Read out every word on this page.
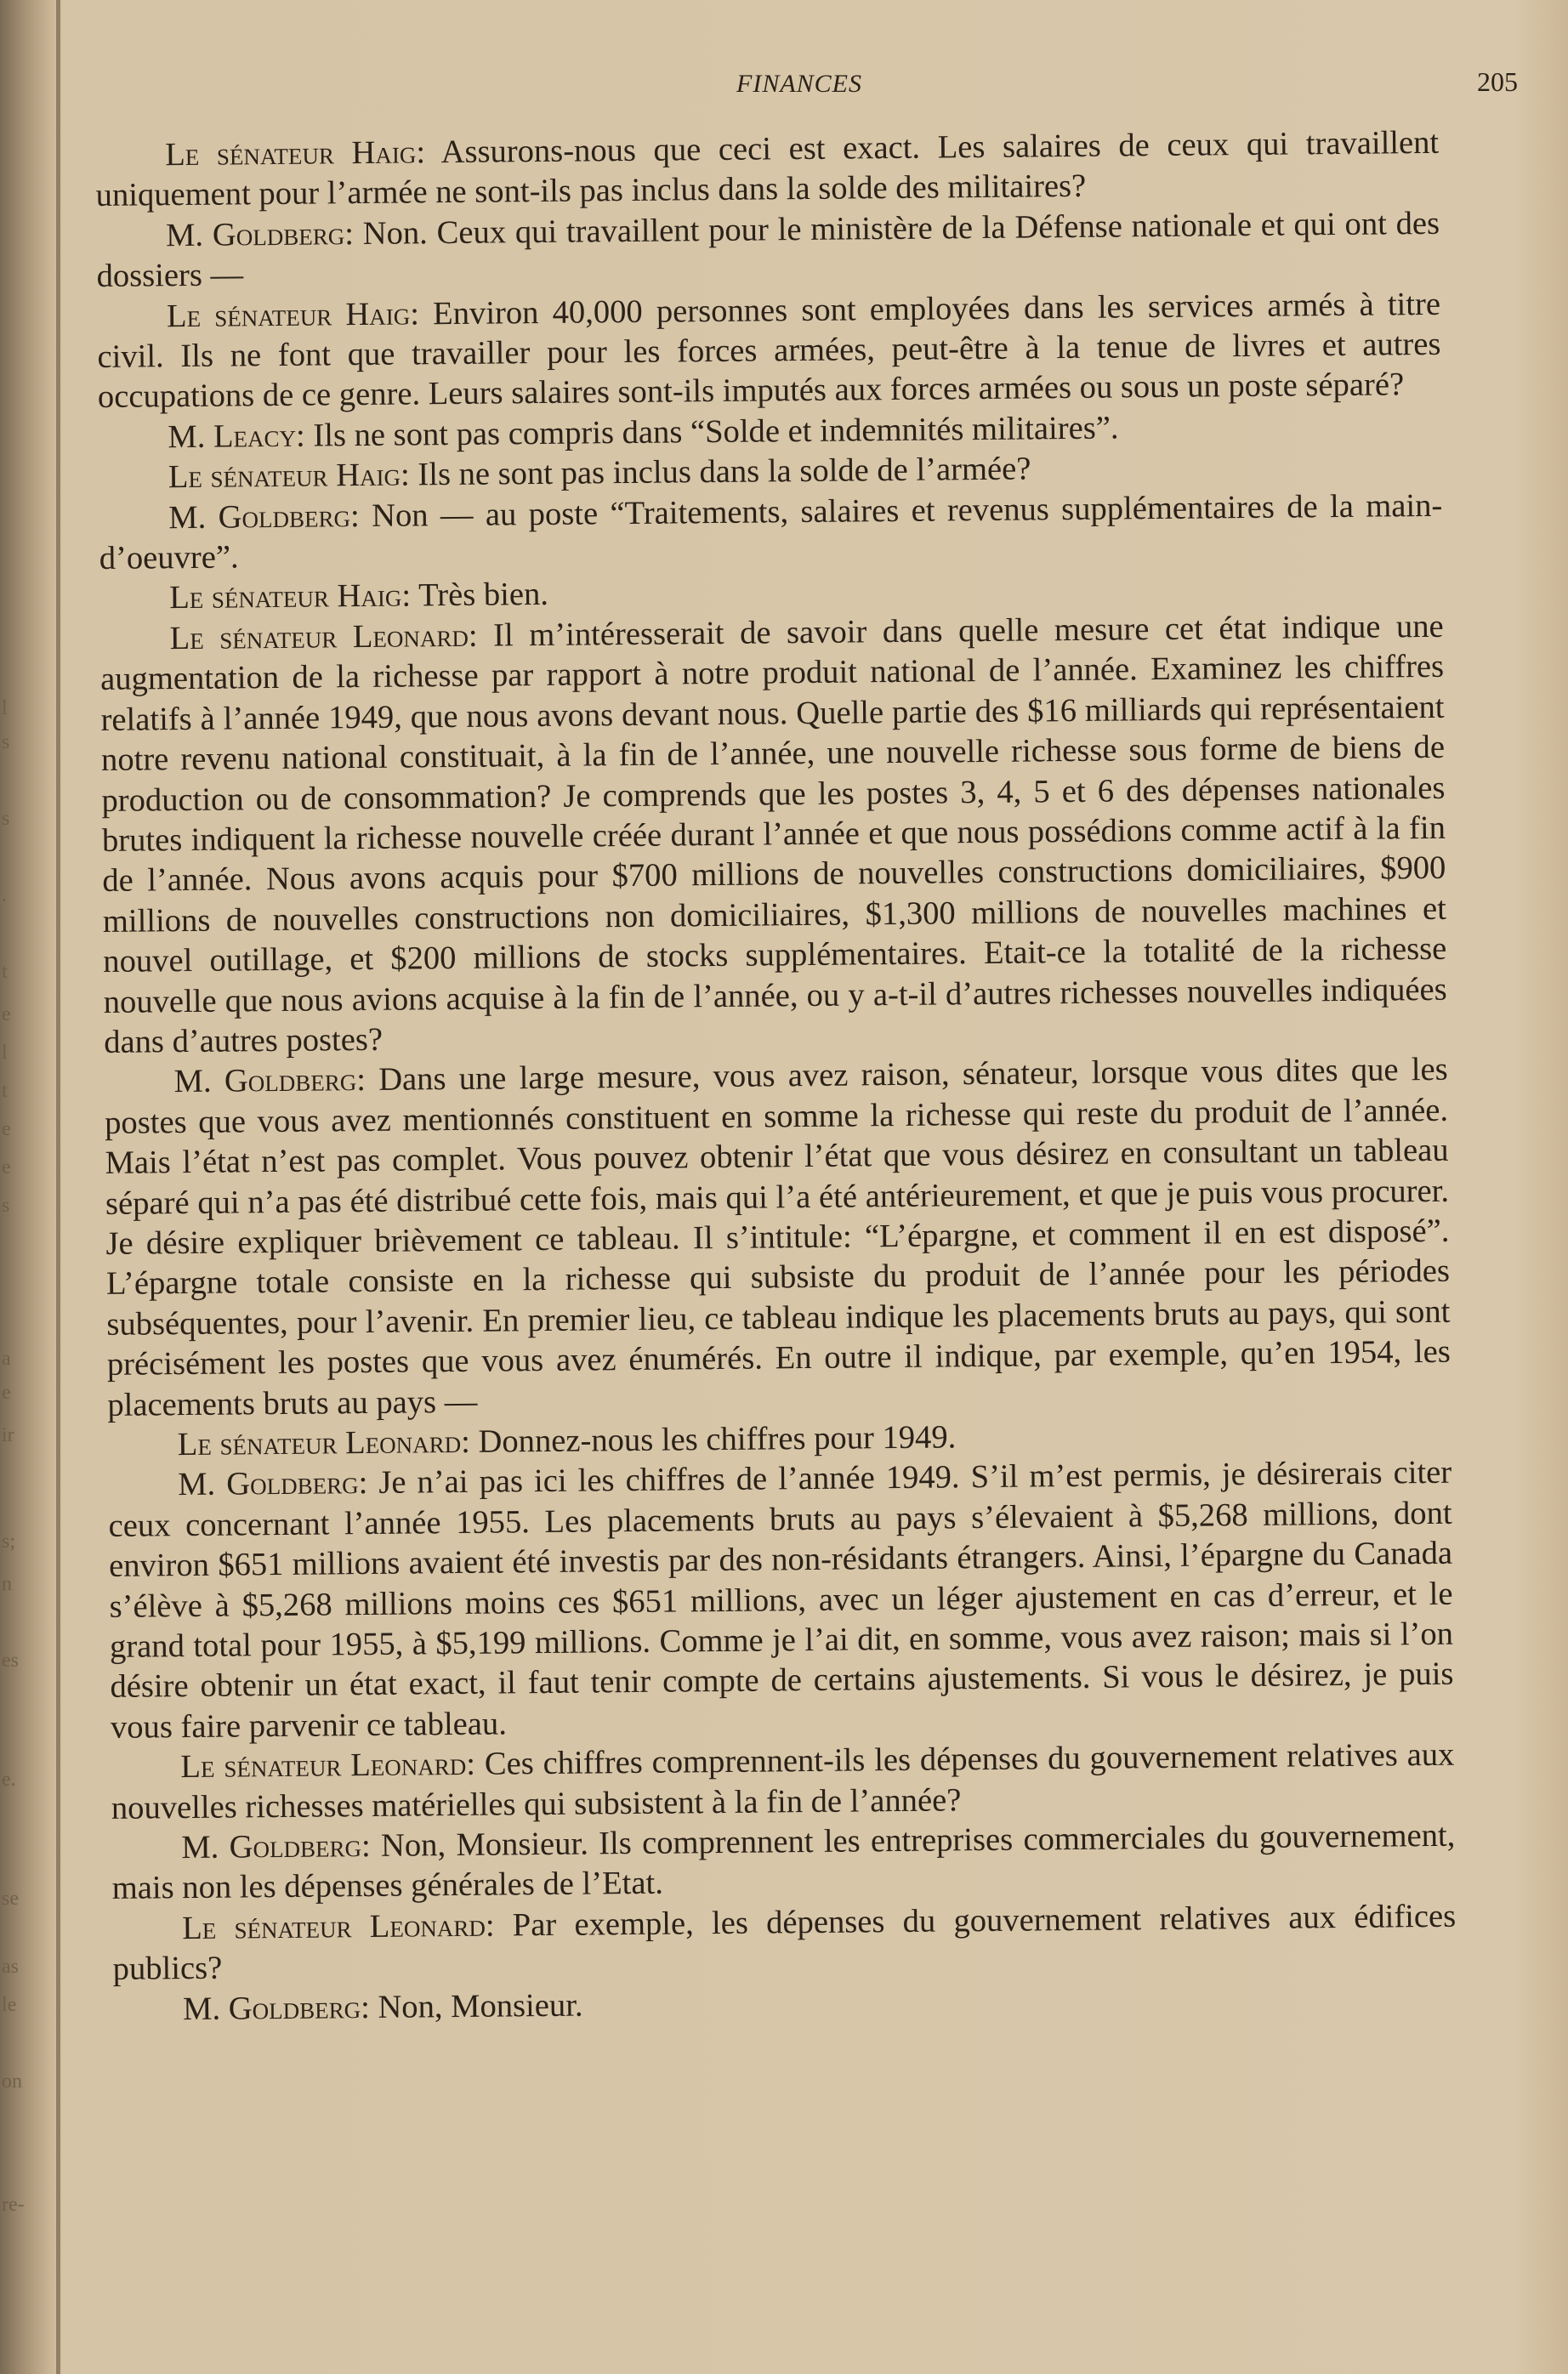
l
s
s
.
t
e
l
t
e
e
s
a
e
ir
s;
n
es
e.
se
as
le
on
re-
FINANCES	205

Le sénateur Haig: Assurons-nous que ceci est exact. Les salaires de ceux qui travaillent uniquement pour l’armée ne sont-ils pas inclus dans la solde des militaires?

M. Goldberg: Non. Ceux qui travaillent pour le ministère de la Défense nationale et qui ont des dossiers —

Le sénateur Haig: Environ 40,000 personnes sont employées dans les services armés à titre civil. Ils ne font que travailler pour les forces armées, peut-être à la tenue de livres et autres occupations de ce genre. Leurs salaires sont-ils imputés aux forces armées ou sous un poste séparé?

M. Leacy: Ils ne sont pas compris dans “Solde et indemnités militaires”.

Le sénateur Haig: Ils ne sont pas inclus dans la solde de l’armée?

M. Goldberg: Non — au poste “Traitements, salaires et revenus supplémentaires de la main-d’oeuvre”.

Le sénateur Haig: Très bien.

Le sénateur Leonard: Il m’intéresserait de savoir dans quelle mesure cet état indique une augmentation de la richesse par rapport à notre produit national de l’année. Examinez les chiffres relatifs à l’année 1949, que nous avons devant nous. Quelle partie des $16 milliards qui représentaient notre revenu national constituait, à la fin de l’année, une nouvelle richesse sous forme de biens de production ou de consommation? Je comprends que les postes 3, 4, 5 et 6 des dépenses nationales brutes indiquent la richesse nouvelle créée durant l’année et que nous possédions comme actif à la fin de l’année. Nous avons acquis pour $700 millions de nouvelles constructions domiciliaires, $900 millions de nouvelles constructions non domiciliaires, $1,300 millions de nouvelles machines et nouvel outillage, et $200 millions de stocks supplémentaires. Etait-ce la totalité de la richesse nouvelle que nous avions acquise à la fin de l’année, ou y a-t-il d’autres richesses nouvelles indiquées dans d’autres postes?

M. Goldberg: Dans une large mesure, vous avez raison, sénateur, lorsque vous dites que les postes que vous avez mentionnés constituent en somme la richesse qui reste du produit de l’année. Mais l’état n’est pas complet. Vous pouvez obtenir l’état que vous désirez en consultant un tableau séparé qui n’a pas été distribué cette fois, mais qui l’a été antérieurement, et que je puis vous procurer. Je désire expliquer brièvement ce tableau. Il s’intitule: “L’épargne, et comment il en est disposé”. L’épargne totale consiste en la richesse qui subsiste du produit de l’année pour les périodes subséquentes, pour l’avenir. En premier lieu, ce tableau indique les placements bruts au pays, qui sont précisément les postes que vous avez énumérés. En outre il indique, par exemple, qu’en 1954, les placements bruts au pays —

Le sénateur Leonard: Donnez-nous les chiffres pour 1949.

M. Goldberg: Je n’ai pas ici les chiffres de l’année 1949. S’il m’est permis, je désirerais citer ceux concernant l’année 1955. Les placements bruts au pays s’élevaient à $5,268 millions, dont environ $651 millions avaient été investis par des non-résidants étrangers. Ainsi, l’épargne du Canada s’élève à $5,268 millions moins ces $651 millions, avec un léger ajustement en cas d’erreur, et le grand total pour 1955, à $5,199 millions. Comme je l’ai dit, en somme, vous avez raison; mais si l’on désire obtenir un état exact, il faut tenir compte de certains ajustements. Si vous le désirez, je puis vous faire parvenir ce tableau.

Le sénateur Leonard: Ces chiffres comprennent-ils les dépenses du gouvernement relatives aux nouvelles richesses matérielles qui subsistent à la fin de l’année?

M. Goldberg: Non, Monsieur. Ils comprennent les entreprises commerciales du gouvernement, mais non les dépenses générales de l’Etat.

Le sénateur Leonard: Par exemple, les dépenses du gouvernement relatives aux édifices publics?

M. Goldberg: Non, Monsieur.
